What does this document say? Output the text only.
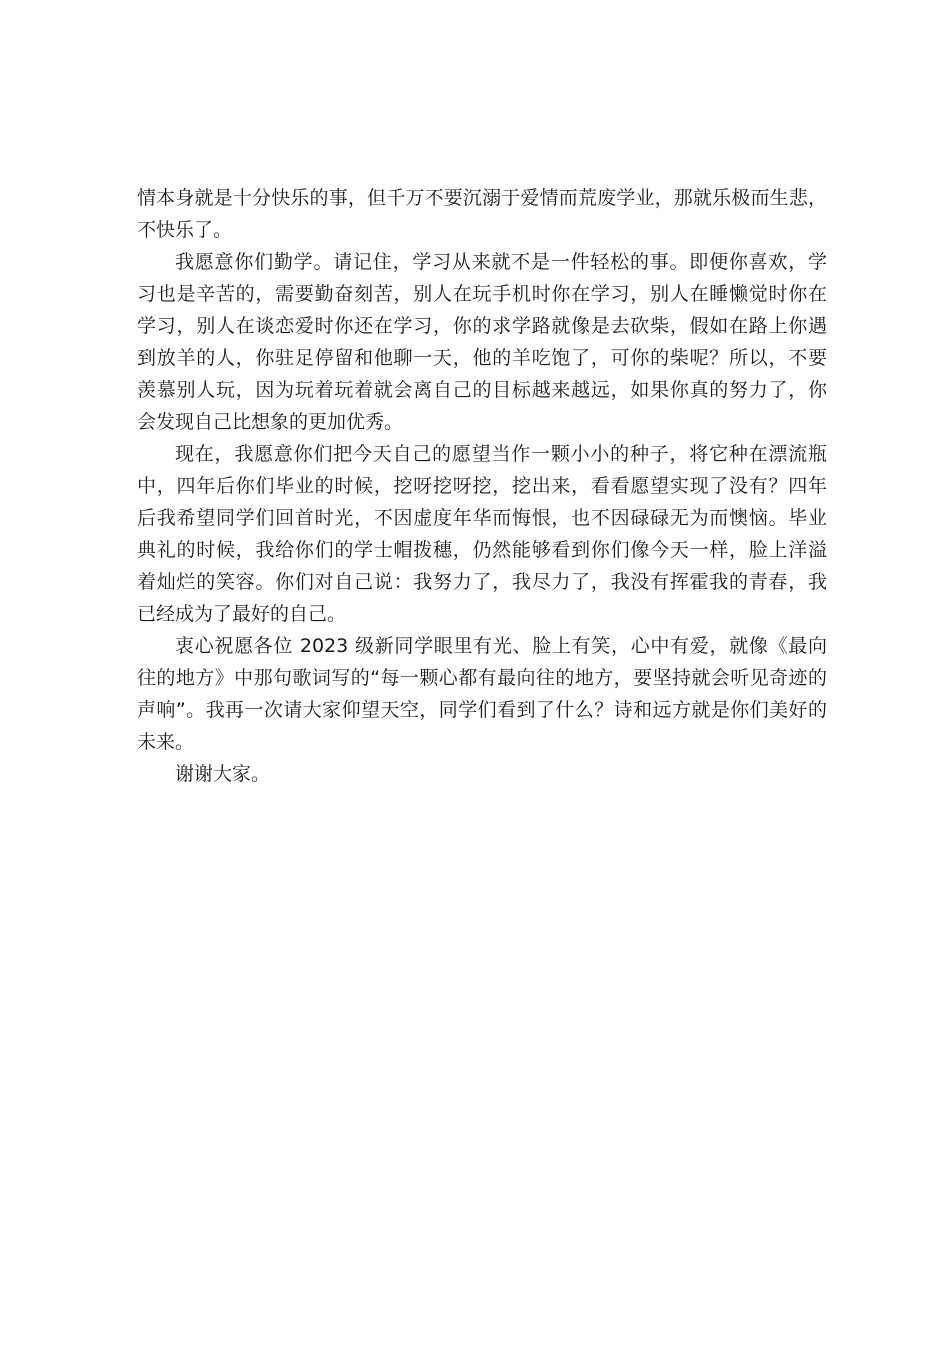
情本身就是十分快乐的事，但千万不要沉溺于爱情而荒废学业，那就乐极而生悲，
不快乐了。
我愿意你们勤学。请记住，学习从来就不是一件轻松的事。即便你喜欢，学
习也是辛苦的，需要勤奋刻苦，别人在玩手机时你在学习，别人在睡懒觉时你在
学习，别人在谈恋爱时你还在学习，你的求学路就像是去砍柴，假如在路上你遇
到放羊的人，你驻足停留和他聊一天，他的羊吃饱了，可你的柴呢？所以，不要
羡慕别人玩，因为玩着玩着就会离自己的目标越来越远，如果你真的努力了，你
会发现自己比想象的更加优秀。
现在，我愿意你们把今天自己的愿望当作一颗小小的种子，将它种在漂流瓶
中，四年后你们毕业的时候，挖呀挖呀挖，挖出来，看看愿望实现了没有？四年
后我希望同学们回首时光，不因虚度年华而悔恨，也不因碌碌无为而懊恼。毕业
典礼的时候，我给你们的学士帽拨穗，仍然能够看到你们像今天一样，脸上洋溢
着灿烂的笑容。你们对自己说：我努力了，我尽力了，我没有挥霍我的青春，我
已经成为了最好的自己。
衷心祝愿各位 2023 级新同学眼里有光、脸上有笑，心中有爱，就像《最向
往的地方》中那句歌词写的“每一颗心都有最向往的地方，要坚持就会听见奇迹的
声响”。我再一次请大家仰望天空，同学们看到了什么？诗和远方就是你们美好的
未来。
谢谢大家。
